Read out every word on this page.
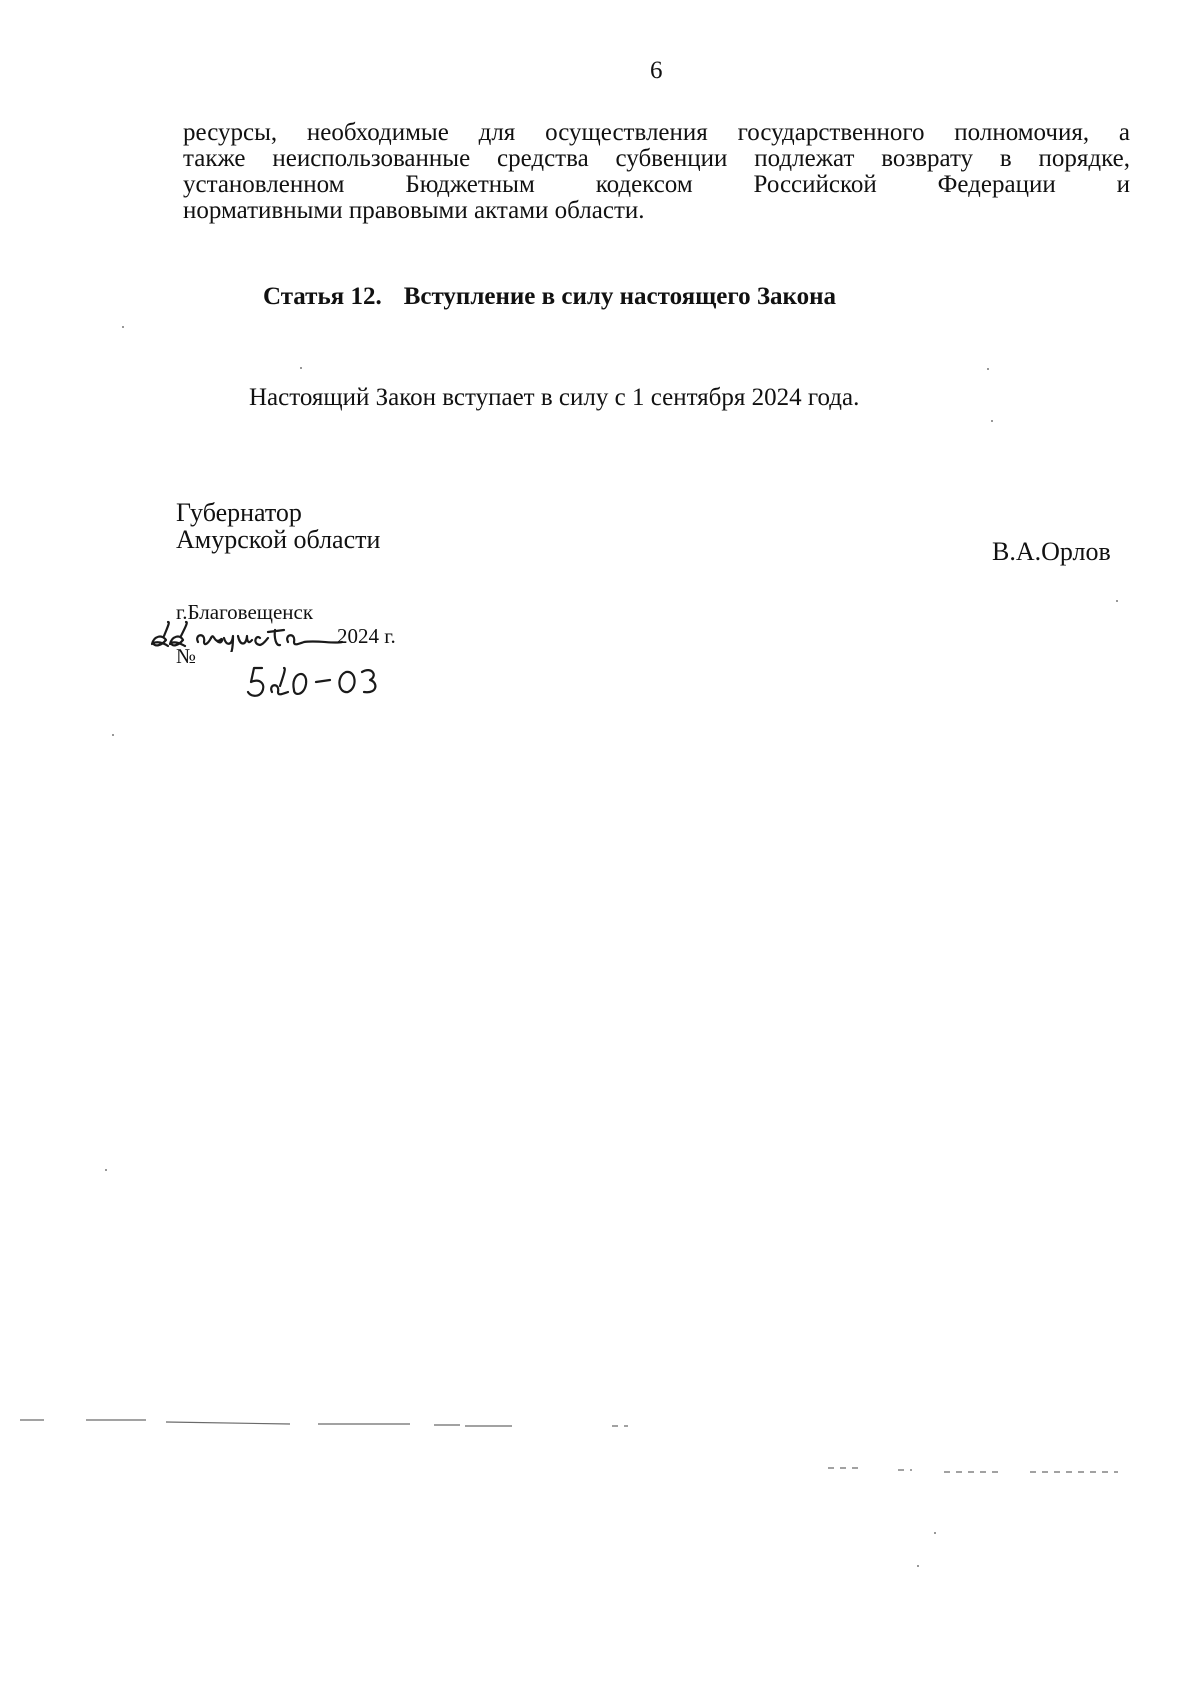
6
ресурсы, необходимые для осуществления государственного полномочия, а
также неиспользованные средства субвенции подлежат возврату в порядке,
установленном Бюджетным кодексом Российской Федерации и
нормативными правовыми актами области.
Статья 12. Вступление в силу настоящего Закона
Настоящий Закон вступает в силу с 1 сентября 2024 года.
Губернатор
Амурской области	В.А.Орлов
г.Благовещенск
2024 г.
№
